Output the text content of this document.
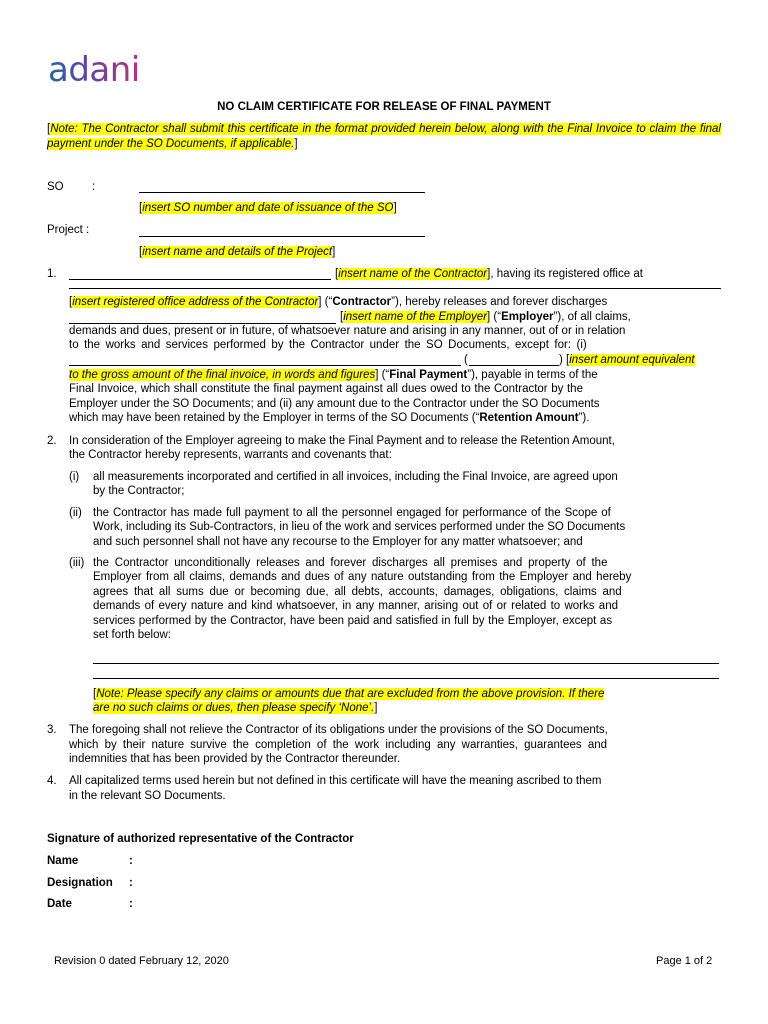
adani
NO CLAIM CERTIFICATE FOR RELEASE OF FINAL PAYMENT
[Note: The Contractor shall submit this certificate in the format provided herein below, along with the Final Invoice to claim the final payment under the SO Documents, if applicable.]
SO :
[insert SO number and date of issuance of the SO]
Project :
[insert name and details of the Project]
1.	[insert name of the Contractor], having its registered office at
[insert registered office address of the Contractor] (“Contractor”), hereby releases and forever discharges
[insert name of the Employer] (“Employer”), of all claims,
demands and dues, present or in future, of whatsoever nature and arising in any manner, out of or in relation
to the works and services performed by the Contractor under the SO Documents, except for: (i)
(	) [insert amount equivalent
to the gross amount of the final invoice, in words and figures] (“Final Payment”), payable in terms of the
Final Invoice, which shall constitute the final payment against all dues owed to the Contractor by the
Employer under the SO Documents; and (ii) any amount due to the Contractor under the SO Documents
which may have been retained by the Employer in terms of the SO Documents (“Retention Amount”).
2. In consideration of the Employer agreeing to make the Final Payment and to release the Retention Amount,
the Contractor hereby represents, warrants and covenants that:
(i) all measurements incorporated and certified in all invoices, including the Final Invoice, are agreed upon
by the Contractor;
(ii) the Contractor has made full payment to all the personnel engaged for performance of the Scope of
Work, including its Sub-Contractors, in lieu of the work and services performed under the SO Documents
and such personnel shall not have any recourse to the Employer for any matter whatsoever; and
(iii) the Contractor unconditionally releases and forever discharges all premises and property of the
Employer from all claims, demands and dues of any nature outstanding from the Employer and hereby
agrees that all sums due or becoming due, all debts, accounts, damages, obligations, claims and
demands of every nature and kind whatsoever, in any manner, arising out of or related to works and
services performed by the Contractor, have been paid and satisfied in full by the Employer, except as
set forth below:
[Note: Please specify any claims or amounts due that are excluded from the above provision. If there
are no such claims or dues, then please specify ‘None’.]
3. The foregoing shall not relieve the Contractor of its obligations under the provisions of the SO Documents,
which by their nature survive the completion of the work including any warranties, guarantees and
indemnities that has been provided by the Contractor thereunder.
4. All capitalized terms used herein but not defined in this certificate will have the meaning ascribed to them
in the relevant SO Documents.
Signature of authorized representative of the Contractor
Name	:
Designation :
Date	:
Revision 0 dated February 12, 2020	Page 1 of 2
